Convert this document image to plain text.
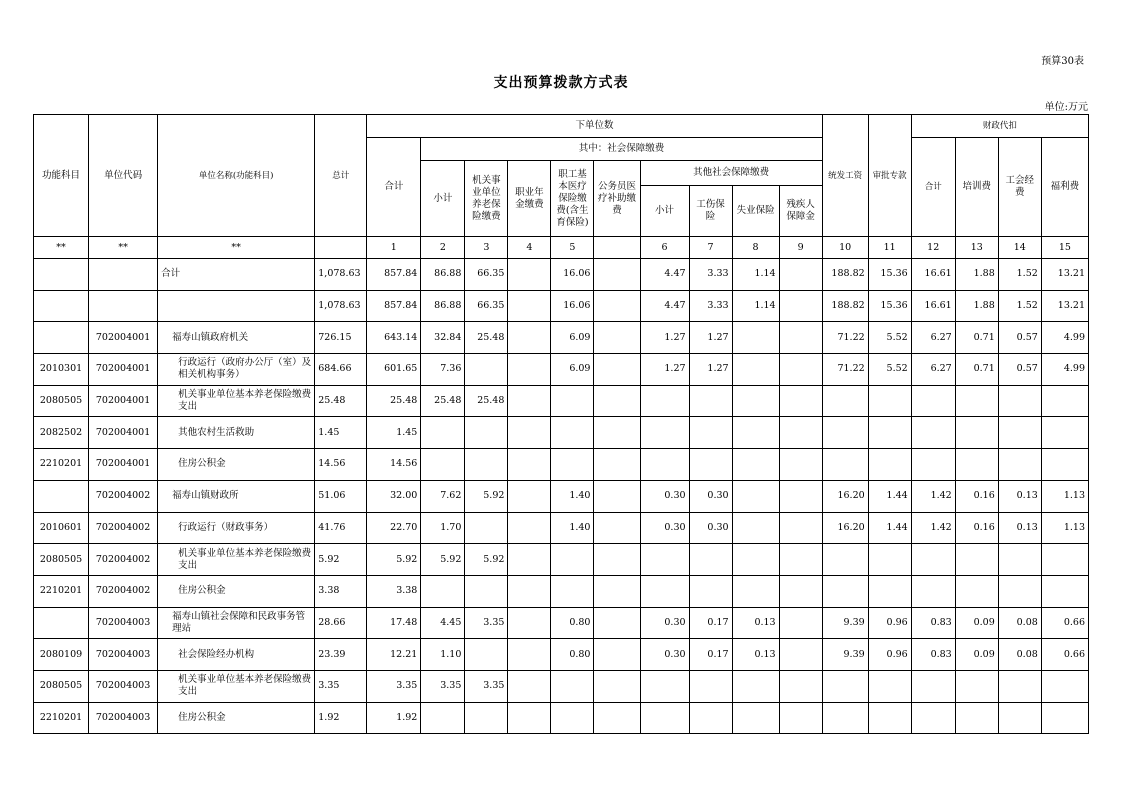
预算30表
支出预算拨款方式表
单位:万元
功能科目	单位代码	单位名称(功能科目)	总计	下单位数										统发工资	审批专款	财政代扣			
				合计	其中：社会保障缴费											合计	培训费	工会经费	福利费
					小计	机关事业单位养老保险缴费	职业年金缴费	职工基本医疗保险缴费(含生育保险)	公务员医疗补助缴费	其他社会保障缴费									
										小计	工伤保险	失业保险	残疾人保障金						
**	**	**		1	2	3	4	5		6	7	8	9	10	11	12	13	14	15
		合计	1,078.63	857.84	86.88	66.35		16.06		4.47	3.33	1.14		188.82	15.36	16.61	1.88	1.52	13.21
			1,078.63	857.84	86.88	66.35		16.06		4.47	3.33	1.14		188.82	15.36	16.61	1.88	1.52	13.21
	702004001	福寿山镇政府机关	726.15	643.14	32.84	25.48		6.09		1.27	1.27			71.22	5.52	6.27	0.71	0.57	4.99
2010301	702004001	行政运行（政府办公厅（室）及相关机构事务）	684.66	601.65	7.36			6.09		1.27	1.27			71.22	5.52	6.27	0.71	0.57	4.99
2080505	702004001	机关事业单位基本养老保险缴费支出	25.48	25.48	25.48	25.48													
2082502	702004001	其他农村生活救助	1.45	1.45															
2210201	702004001	住房公积金	14.56	14.56															
	702004002	福寿山镇财政所	51.06	32.00	7.62	5.92		1.40		0.30	0.30			16.20	1.44	1.42	0.16	0.13	1.13
2010601	702004002	行政运行（财政事务）	41.76	22.70	1.70			1.40		0.30	0.30			16.20	1.44	1.42	0.16	0.13	1.13
2080505	702004002	机关事业单位基本养老保险缴费支出	5.92	5.92	5.92	5.92													
2210201	702004002	住房公积金	3.38	3.38															
	702004003	福寿山镇社会保障和民政事务管理站	28.66	17.48	4.45	3.35		0.80		0.30	0.17	0.13		9.39	0.96	0.83	0.09	0.08	0.66
2080109	702004003	社会保险经办机构	23.39	12.21	1.10			0.80		0.30	0.17	0.13		9.39	0.96	0.83	0.09	0.08	0.66
2080505	702004003	机关事业单位基本养老保险缴费支出	3.35	3.35	3.35	3.35													
2210201	702004003	住房公积金	1.92	1.92															
